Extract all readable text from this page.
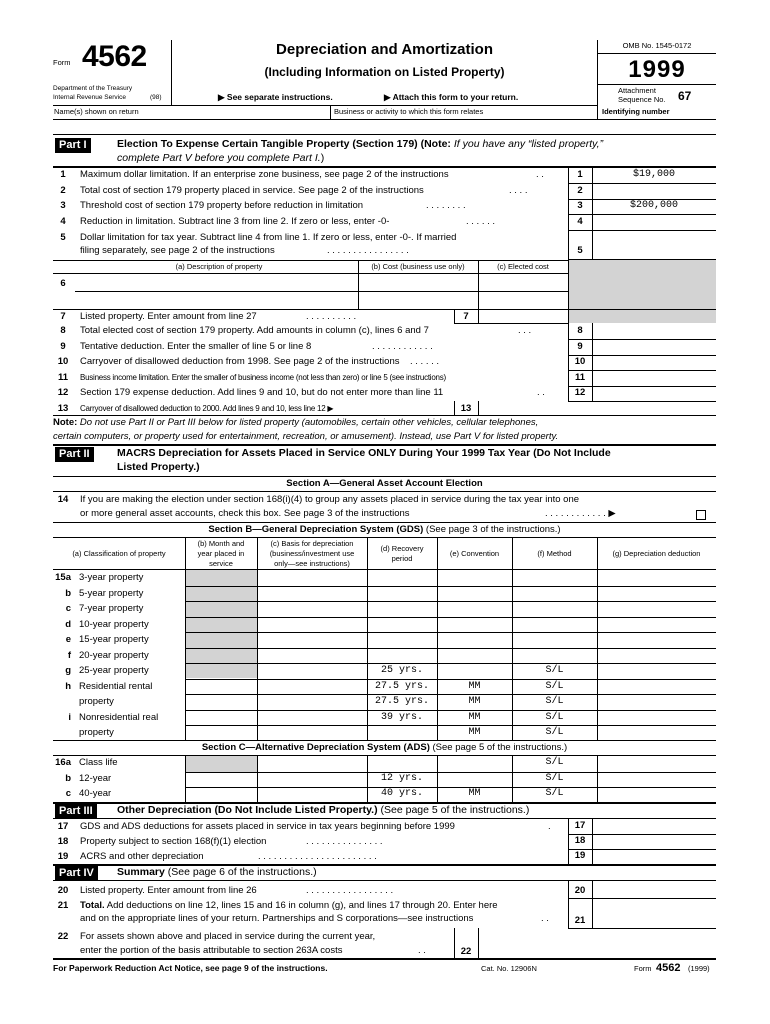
Form 4562
Department of the Treasury
Internal Revenue Service	(98)
Depreciation and Amortization
(Including Information on Listed Property)
▶ See separate instructions.	▶ Attach this form to your return.
OMB No. 1545-0172
1999
Attachment
Sequence No. 67
Name(s) shown on return	Business or activity to which this form relates	Identifying number
Part I	Election To Expense Certain Tangible Property (Section 179) (Note: If you have any “listed property,”
complete Part V before you complete Part I.)
1	Maximum dollar limitation. If an enterprise zone business, see page 2 of the instructions	. .	1	$19,000
2	Total cost of section 179 property placed in service. See page 2 of the instructions	. . . .	2
3	Threshold cost of section 179 property before reduction in limitation	. . . . . . . .	3	$200,000
4	Reduction in limitation. Subtract line 3 from line 2. If zero or less, enter -0-	. . . . . .	4
5	Dollar limitation for tax year. Subtract line 4 from line 1. If zero or less, enter -0-. If married
filing separately, see page 2 of the instructions	. . . . . . . . . . . . . . . .	5
(a) Description of property	(b) Cost (business use only)	(c) Elected cost
6
7	Listed property. Enter amount from line 27	. . . . . . . . . .	7
8	Total elected cost of section 179 property. Add amounts in column (c), lines 6 and 7	. . .	8
9	Tentative deduction. Enter the smaller of line 5 or line 8	. . . . . . . . . . . .	9
10	Carryover of disallowed deduction from 1998. See page 2 of the instructions . . . . . .	10
11	Business income limitation. Enter the smaller of business income (not less than zero) or line 5 (see instructions)	11
12	Section 179 expense deduction. Add lines 9 and 10, but do not enter more than line 11	. .	12
13	Carryover of disallowed deduction to 2000. Add lines 9 and 10, less line 12 ▶	13
Note: Do not use Part II or Part III below for listed property (automobiles, certain other vehicles, cellular telephones,
certain computers, or property used for entertainment, recreation, or amusement). Instead, use Part V for listed property.
Part II	MACRS Depreciation for Assets Placed in Service ONLY During Your 1999 Tax Year (Do Not Include
Listed Property.)
Section A—General Asset Account Election
14	If you are making the election under section 168(i)(4) to group any assets placed in service during the tax year into one
or more general asset accounts, check this box. See page 3 of the instructions	. . . . . . . . . . . . ▶
Section B—General Depreciation System (GDS) (See page 3 of the instructions.)
(a) Classification of property
(b) Month and
year placed in
service
(c) Basis for depreciation
(business/investment use
only—see instructions)
(d) Recovery
period
(e) Convention	(f) Method	(g) Depreciation deduction
15a 3-year property
b 5-year property
c 7-year property
d 10-year property
e 15-year property
f 20-year property
g 25-year property	25 yrs.	S/L
h Residential rental	27.5 yrs.	MM	S/L
property	27.5 yrs.	MM	S/L
i Nonresidential real	39 yrs.	MM	S/L
property	MM	S/L
Section C—Alternative Depreciation System (ADS) (See page 5 of the instructions.)
16a Class life	S/L
b 12-year	12 yrs.	S/L
c 40-year	40 yrs.	MM	S/L
Part III	Other Depreciation (Do Not Include Listed Property.) (See page 5 of the instructions.)
17	GDS and ADS deductions for assets placed in service in tax years beginning before 1999	.	17
18	Property subject to section 168(f)(1) election	. . . . . . . . . . . . . . .	18
19	ACRS and other depreciation	. . . . . . . . . . . . . . . . . . . . . . .	19
Part IV	Summary (See page 6 of the instructions.)
20	Listed property. Enter amount from line 26	. . . . . . . . . . . . . . . . .	20
21	Total. Add deductions on line 12, lines 15 and 16 in column (g), and lines 17 through 20. Enter here
and on the appropriate lines of your return. Partnerships and S corporations—see instructions	. .	21
22	For assets shown above and placed in service during the current year,
enter the portion of the basis attributable to section 263A costs	. .	22
For Paperwork Reduction Act Notice, see page 9 of the instructions.	Cat. No. 12906N	Form 4562 (1999)
